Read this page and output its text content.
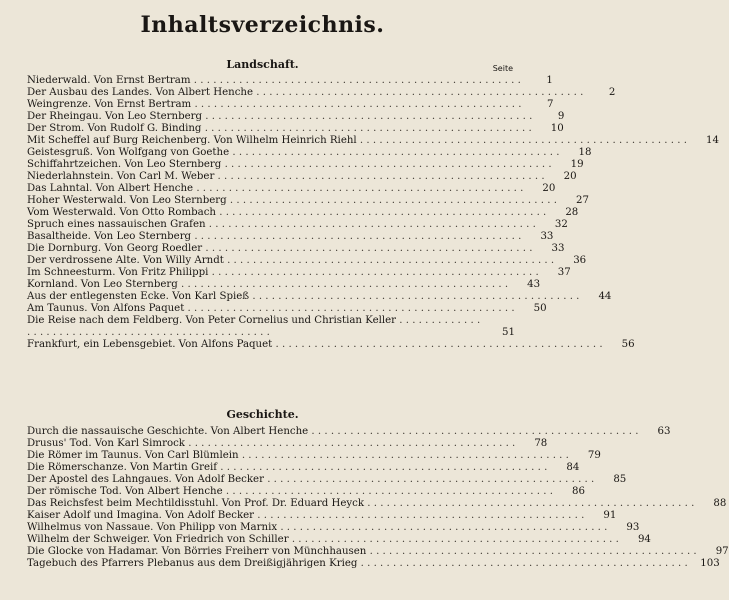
Inhaltsverzeichnis.
Seite
Landschaft.
Niederwald. Von Ernst Bertram . . . . . . . . . . . . . . . . . . . . . . . . . . . . . . . . . . . . . . . . . . . . . . . . . . .	1
Der Ausbau des Landes. Von Albert Henche . . . . . . . . . . . . . . . . . . . . . . . . . . . . . . . . . . . . . . . . . . . . . . . . . . .	2
Weingrenze. Von Ernst Bertram . . . . . . . . . . . . . . . . . . . . . . . . . . . . . . . . . . . . . . . . . . . . . . . . . . .	7
Der Rheingau. Von Leo Sternberg . . . . . . . . . . . . . . . . . . . . . . . . . . . . . . . . . . . . . . . . . . . . . . . . . . .	9
Der Strom. Von Rudolf G. Binding . . . . . . . . . . . . . . . . . . . . . . . . . . . . . . . . . . . . . . . . . . . . . . . . . . .	10
Mit Scheffel auf Burg Reichenberg. Von Wilhelm Heinrich Riehl . . . . . . . . . . . . . . . . . . . . . . . . . . . . . . . . . . . . . . . . . . . . . . . . . . .	14
Geistesgruß. Von Wolfgang von Goethe . . . . . . . . . . . . . . . . . . . . . . . . . . . . . . . . . . . . . . . . . . . . . . . . . . .	18
Schiffahrtzeichen. Von Leo Sternberg . . . . . . . . . . . . . . . . . . . . . . . . . . . . . . . . . . . . . . . . . . . . . . . . . . .	19
Niederlahnstein. Von Carl M. Weber . . . . . . . . . . . . . . . . . . . . . . . . . . . . . . . . . . . . . . . . . . . . . . . . . . .	20
Das Lahntal. Von Albert Henche . . . . . . . . . . . . . . . . . . . . . . . . . . . . . . . . . . . . . . . . . . . . . . . . . . .	20
Hoher Westerwald. Von Leo Sternberg . . . . . . . . . . . . . . . . . . . . . . . . . . . . . . . . . . . . . . . . . . . . . . . . . . .	27
Vom Westerwald. Von Otto Rombach . . . . . . . . . . . . . . . . . . . . . . . . . . . . . . . . . . . . . . . . . . . . . . . . . . .	28
Spruch eines nassauischen Grafen . . . . . . . . . . . . . . . . . . . . . . . . . . . . . . . . . . . . . . . . . . . . . . . . . . .	32
Basaltheide. Von Leo Sternberg . . . . . . . . . . . . . . . . . . . . . . . . . . . . . . . . . . . . . . . . . . . . . . . . . . .	33
Die Dornburg. Von Georg Roedler . . . . . . . . . . . . . . . . . . . . . . . . . . . . . . . . . . . . . . . . . . . . . . . . . . .	33
Der verdrossene Alte. Von Willy Arndt . . . . . . . . . . . . . . . . . . . . . . . . . . . . . . . . . . . . . . . . . . . . . . . . . . .	36
Im Schneesturm. Von Fritz Philippi . . . . . . . . . . . . . . . . . . . . . . . . . . . . . . . . . . . . . . . . . . . . . . . . . . .	37
Kornland. Von Leo Sternberg . . . . . . . . . . . . . . . . . . . . . . . . . . . . . . . . . . . . . . . . . . . . . . . . . . .	43
Aus der entlegensten Ecke. Von Karl Spieß . . . . . . . . . . . . . . . . . . . . . . . . . . . . . . . . . . . . . . . . . . . . . . . . . . .	44
Am Taunus. Von Alfons Paquet . . . . . . . . . . . . . . . . . . . . . . . . . . . . . . . . . . . . . . . . . . . . . . . . . . .	50
Die Reise nach dem Feldberg. Von Peter Cornelius und Christian Keller . . . . . . . . . . . . . . . . . . . . . . . . . . . . . . . . . . . . . . . . . . . . . . . . . . .	51
Frankfurt, ein Lebensgebiet. Von Alfons Paquet . . . . . . . . . . . . . . . . . . . . . . . . . . . . . . . . . . . . . . . . . . . . . . . . . . .	56
Geschichte.
Durch die nassauische Geschichte. Von Albert Henche . . . . . . . . . . . . . . . . . . . . . . . . . . . . . . . . . . . . . . . . . . . . . . . . . . .	63
Drusus' Tod. Von Karl Simrock . . . . . . . . . . . . . . . . . . . . . . . . . . . . . . . . . . . . . . . . . . . . . . . . . . .	78
Die Römer im Taunus. Von Carl Blümlein . . . . . . . . . . . . . . . . . . . . . . . . . . . . . . . . . . . . . . . . . . . . . . . . . . .	79
Die Römerschanze. Von Martin Greif . . . . . . . . . . . . . . . . . . . . . . . . . . . . . . . . . . . . . . . . . . . . . . . . . . .	84
Der Apostel des Lahngaues. Von Adolf Becker . . . . . . . . . . . . . . . . . . . . . . . . . . . . . . . . . . . . . . . . . . . . . . . . . . .	85
Der römische Tod. Von Albert Henche . . . . . . . . . . . . . . . . . . . . . . . . . . . . . . . . . . . . . . . . . . . . . . . . . . .	86
Das Reichsfest beim Mechtildisstuhl. Von Prof. Dr. Eduard Heyck . . . . . . . . . . . . . . . . . . . . . . . . . . . . . . . . . . . . . . . . . . . . . . . . . . .	88
Kaiser Adolf und Imagina. Von Adolf Becker . . . . . . . . . . . . . . . . . . . . . . . . . . . . . . . . . . . . . . . . . . . . . . . . . . .	91
Wilhelmus von Nassaue. Von Philipp von Marnix . . . . . . . . . . . . . . . . . . . . . . . . . . . . . . . . . . . . . . . . . . . . . . . . . . .	93
Wilhelm der Schweiger. Von Friedrich von Schiller . . . . . . . . . . . . . . . . . . . . . . . . . . . . . . . . . . . . . . . . . . . . . . . . . . .	94
Die Glocke von Hadamar. Von Börries Freiherr von Münchhausen . . . . . . . . . . . . . . . . . . . . . . . . . . . . . . . . . . . . . . . . . . . . . . . . . . .	97
Tagebuch des Pfarrers Plebanus aus dem Dreißigjährigen Krieg . . . . . . . . . . . . . . . . . . . . . . . . . . . . . . . . . . . . . . . . . . . . . . . . . . .	103
